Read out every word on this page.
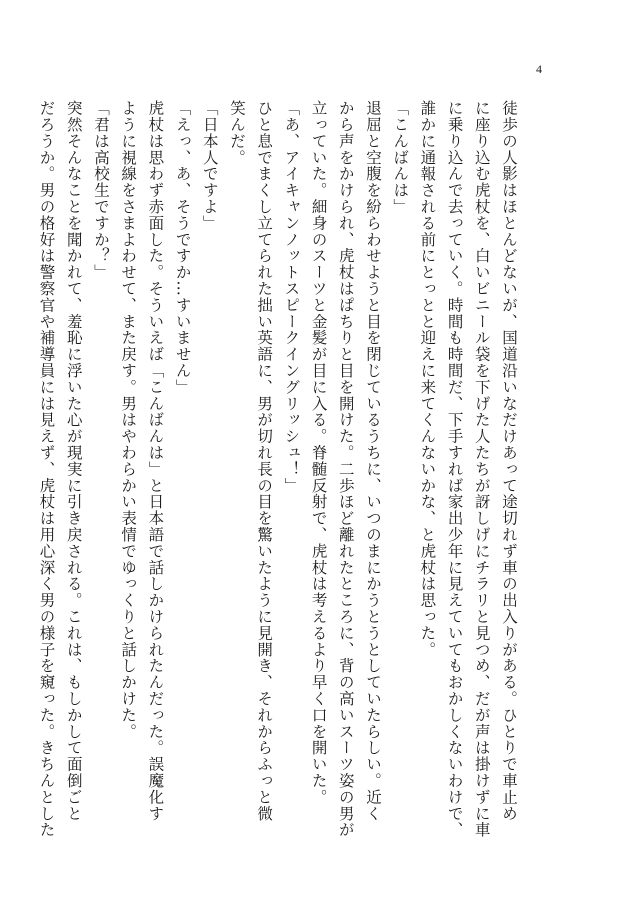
4

徒歩の人影はほとんどないが、国道沿いなだけあって途切れず車の出入りがある。ひとりで車止め

に座り込む虎杖を、白いビニール袋を下げた人たちが訝しげにチラリと見つめ、だが声は掛けずに車

に乗り込んで去っていく。時間も時間だ、下手すれば家出少年に見えていてもおかしくないわけで、

誰かに通報される前にとっとと迎えに来てくんないかな、と虎杖は思った。

「こんばんは」

退屈と空腹を紛らわせようと目を閉じているうちに、いつのまにかうとうとしていたらしい。近く

から声をかけられ、虎杖はぱちりと目を開けた。二歩ほど離れたところに、背の高いスーツ姿の男が

立っていた。細身のスーツと金髪が目に入る。脊髄反射で、虎杖は考えるより早く口を開いた。

「あ、アイキャンノットスピークイングリッシュ！」

ひと息でまくし立てられた拙い英語に、男が切れ長の目を驚いたように見開き、それからふっと微

笑んだ。

「日本人ですよ」

「えっ、あ、そうですか…すいません」

虎杖は思わず赤面した。そういえば「こんばんは」と日本語で話しかけられたんだった。誤魔化す

ように視線をさまよわせて、また戻す。男はやわらかい表情でゆっくりと話しかけた。

「君は高校生ですか？」

突然そんなことを聞かれて、羞恥に浮いた心が現実に引き戻される。これは、もしかして面倒ごと

だろうか。男の格好は警察官や補導員には見えず、虎杖は用心深く男の様子を窺った。きちんとした
